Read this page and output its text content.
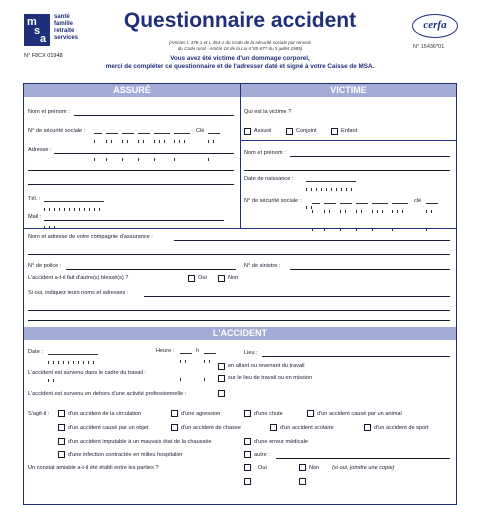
m
s
a
santé
famille
retraite
services
N° F8CX 01948
Questionnaire accident
(Articles L 376-1 et L 454-1 du Code de la sécurité sociale par renvois
du Code rural - Article 18 de la Loi n°85-677 du 5 juillet 1985)
Vous avez été victime d'un dommage corporel,
merci de compléter ce questionnaire et de l'adresser daté et signé à votre Caisse de MSA.
cerfa
N° 15436*01
ASSURÉ	VICTIME
Nom et prénom :
N° de sécurité sociale :	Clé
Adresse :
Tél. :
Mail :
Qui est la victime ?
Assuré	Conjoint	Enfant
Nom et prénom :
Date de naissance :
N° de sécurité sociale :	clé
Nom et adresse de votre compagnie d'assurance :
N° de police :	N° de sinistre :
L'accident a-t-il fait d'autre(s) blessé(s) ?	Oui	Non
Si oui, indiquez leurs noms et adresses :
L'ACCIDENT
Date :	Heure :	h	Lieu :
en allant ou revenant du travail
L'accident est survenu dans le cadre du travail :
sur le lieu de travail ou en mission
L'accident est survenu en dehors d'une activité professionnelle :
S'agit-il :	d'un accident de la circulation	d'une agression	d'une chute	d'un accident causé par un animal
d'un accident causé par un objet	d'un accident de chasse	d'un accident scolaire	d'un accident de sport
d'un accident imputable à un mauvais état de la chaussée	d'une erreur médicale
d'une infection contractée en milieu hospitalier	autre :
Un constat amiable a-t-il été établi entre les parties ?	Oui	Non (si oui, joindre une copie)
